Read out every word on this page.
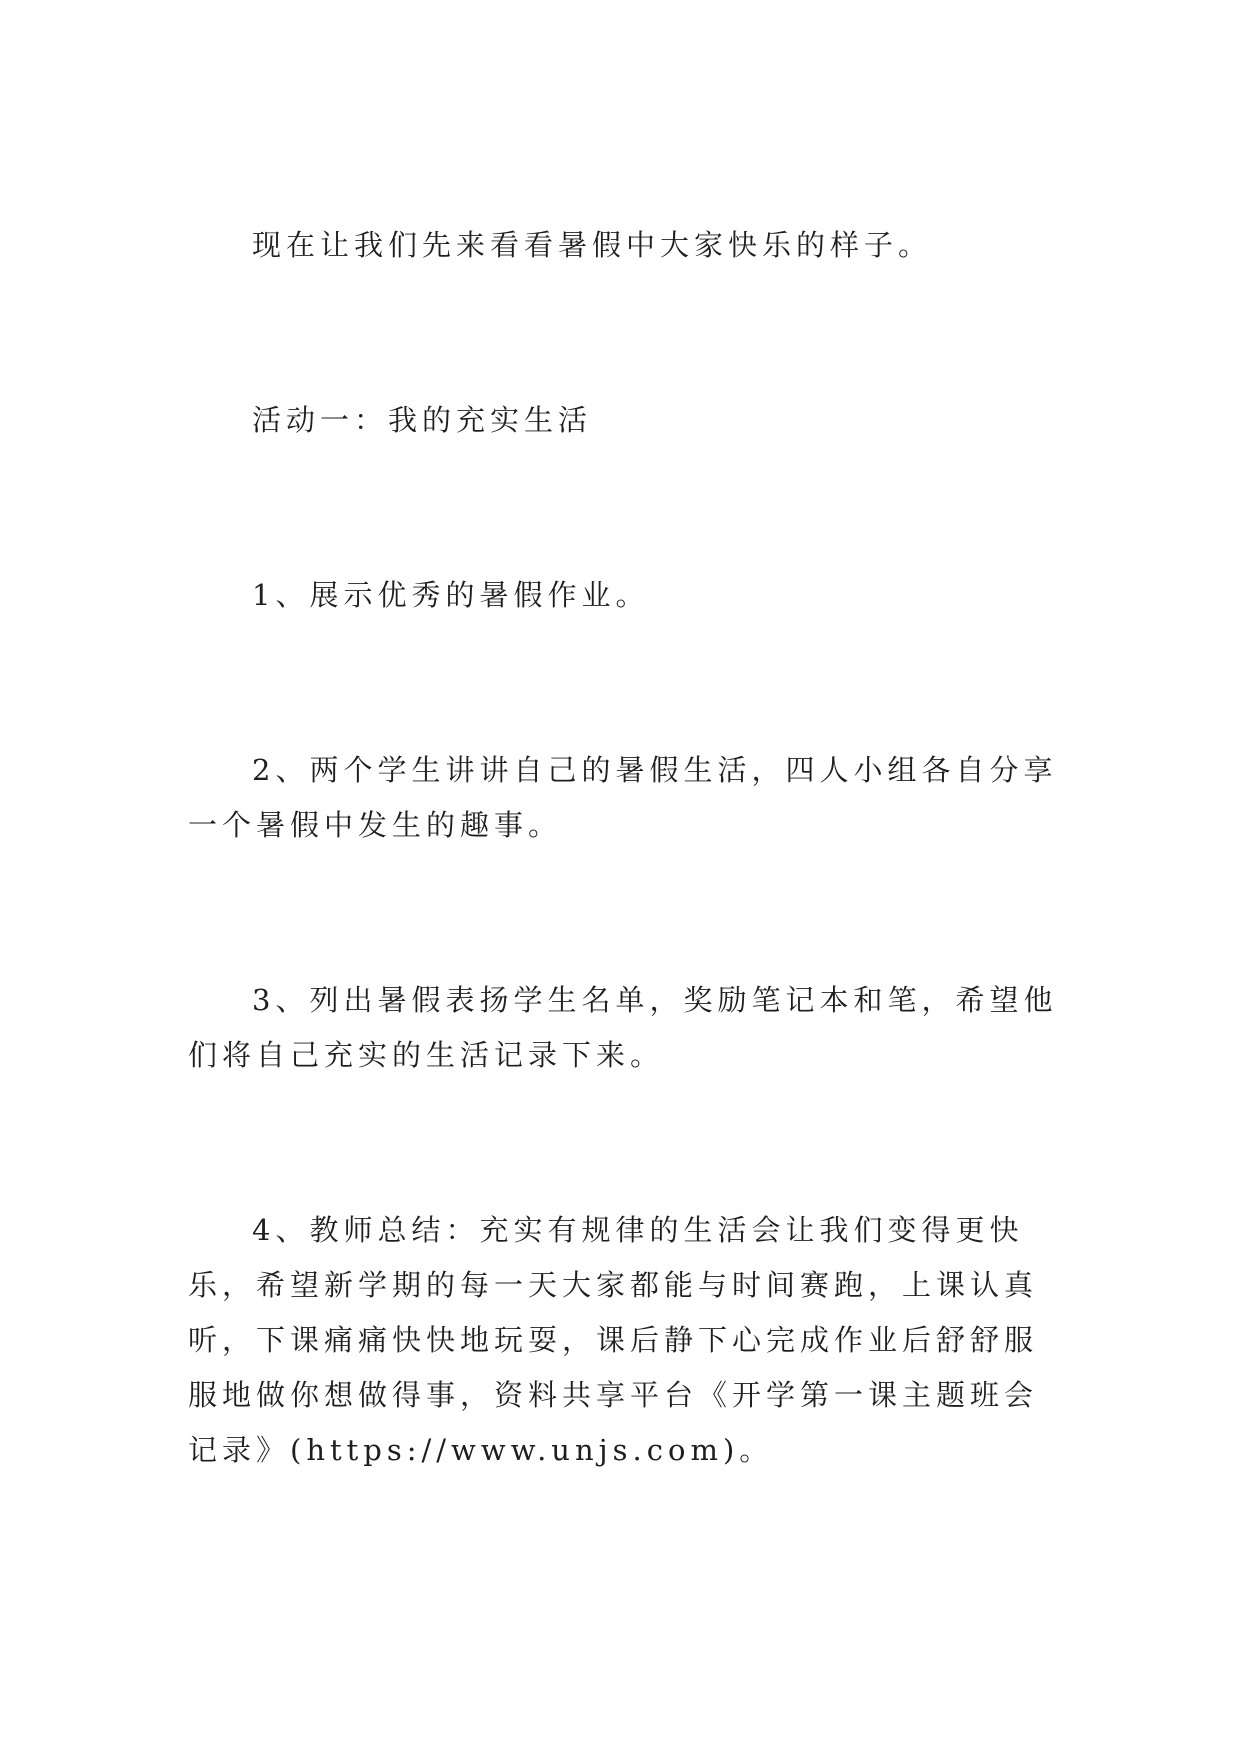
现在让我们先来看看暑假中大家快乐的样子。

活动一：我的充实生活

1、展示优秀的暑假作业。

2、两个学生讲讲自己的暑假生活，四人小组各自分享一个暑假中发生的趣事。

3、列出暑假表扬学生名单，奖励笔记本和笔，希望他们将自己充实的生活记录下来。

4、教师总结：充实有规律的生活会让我们变得更快乐，希望新学期的每一天大家都能与时间赛跑，上课认真听，下课痛痛快快地玩耍，课后静下心完成作业后舒舒服服地做你想做得事，资料共享平台《开学第一课主题班会记录》(https://www.unjs.com)。
